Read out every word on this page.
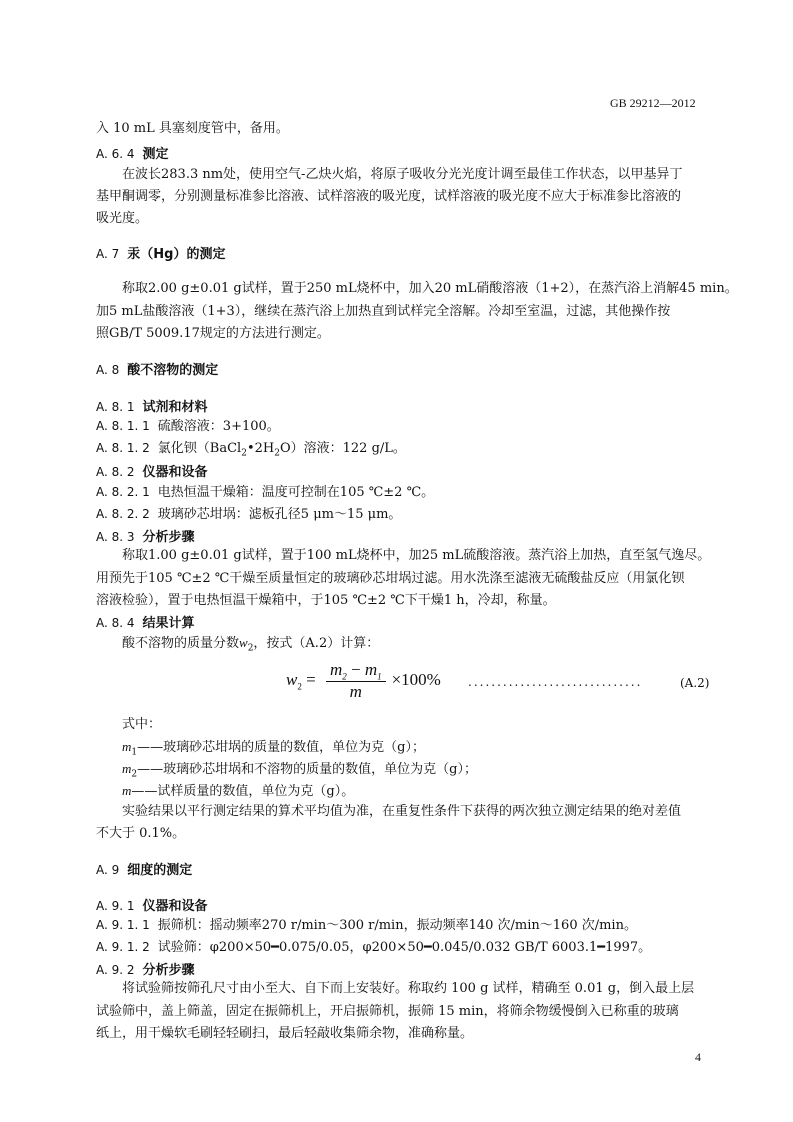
GB 29212—2012
入 10 mL 具塞刻度管中，备用。
A. 6. 4 测定
在波长283.3 nm处，使用空气-乙炔火焰，将原子吸收分光光度计调至最佳工作状态，以甲基异丁
基甲酮调零，分别测量标准参比溶液、试样溶液的吸光度，试样溶液的吸光度不应大于标准参比溶液的
吸光度。
A. 7 汞（Hg）的测定
称取2.00 g±0.01 g试样，置于250 mL烧杯中，加入20 mL硝酸溶液（1+2），在蒸汽浴上消解45 min。
加5 mL盐酸溶液（1+3），继续在蒸汽浴上加热直到试样完全溶解。冷却至室温，过滤，其他操作按
照GB/T 5009.17规定的方法进行测定。
A. 8 酸不溶物的测定
A. 8. 1 试剂和材料
A. 8. 1. 1 硫酸溶液：3+100。
A. 8. 1. 2 氯化钡$(BaCl_2•2H_2O)$溶液：122 g/L。
A. 8. 2 仪器和设备
A. 8. 2. 1 电热恒温干燥箱：温度可控制在105 ℃±2 ℃。
A. 8. 2. 2 玻璃砂芯坩埚：滤板孔径5 μm～15 μm。
A. 8. 3 分析步骤
称取1.00 g±0.01 g试样，置于100 mL烧杯中，加25 mL硫酸溶液。蒸汽浴上加热，直至氢气逸尽。
用预先于105 ℃±2 ℃干燥至质量恒定的玻璃砂芯坩埚过滤。用水洗涤至滤液无硫酸盐反应（用氯化钡
溶液检验），置于电热恒温干燥箱中，于105 ℃±2 ℃下干燥1 h，冷却，称量。
A. 8. 4 结果计算
酸不溶物的质量分数$w_2$，按式（A.2）计算：
$w_2 = \frac{m_2 - m_1}{m} \times 100\%$ ..............................	(A.2)
式中：
$m_1——$玻璃砂芯坩埚的质量的数值，单位为克（g）；
$m_2——$玻璃砂芯坩埚和不溶物的质量的数值，单位为克（g）；
m——试样质量的数值，单位为克（g）。
实验结果以平行测定结果的算术平均值为准，在重复性条件下获得的两次独立测定结果的绝对差值
不大于 0.1%。
A. 9 细度的测定
A. 9. 1 仪器和设备
A. 9. 1. 1 振筛机：摇动频率270 r/min～300 r/min，振动频率140 次/min～160 次/min。
A. 9. 1. 2 试验筛：φ200×50━0.075/0.05，φ200×50━0.045/0.032 GB/T 6003.1━1997。
A. 9. 2 分析步骤
将试验筛按筛孔尺寸由小至大、自下而上安装好。称取约 100 g 试样，精确至 0.01 g，倒入最上层
试验筛中，盖上筛盖，固定在振筛机上，开启振筛机，振筛 15 min，将筛余物缓慢倒入已称重的玻璃
纸上，用干燥软毛刷轻轻刷扫，最后轻敲收集筛余物，准确称量。
4
